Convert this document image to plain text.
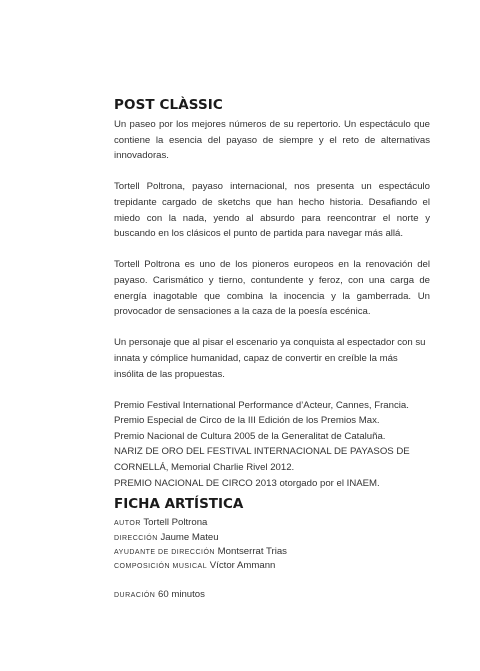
POST CLÀSSIC

Un paseo por los mejores números de su repertorio. Un espectáculo que contiene la esencia del payaso de siempre y el reto de alternativas innovadoras.

Tortell Poltrona, payaso internacional, nos presenta un espectáculo trepidante cargado de sketchs que han hecho historia. Desafiando el miedo con la nada, yendo al absurdo para reencontrar el norte y buscando en los clásicos el punto de partida para navegar más allá.

Tortell Poltrona es uno de los pioneros europeos en la renovación del payaso. Carismático y tierno, contundente y feroz, con una carga de energía inagotable que combina la inocencia y la gamberrada. Un provocador de sensaciones a la caza de la poesía escénica.

Un personaje que al pisar el escenario ya conquista al espectador con su innata y cómplice humanidad, capaz de convertir en creíble la más insólita de las propuestas.

Premio Festival International Performance d’Acteur, Cannes, Francia.

Premio Especial de Circo de la III Edición de los Premios Max.

Premio Nacional de Cultura 2005 de la Generalitat de Cataluña.

NARIZ DE ORO DEL FESTIVAL INTERNACIONAL DE PAYASOS DE CORNELLÁ, Memorial Charlie Rivel 2012.

PREMIO NACIONAL DE CIRCO 2013 otorgado por el INAEM.

FICHA ARTÍSTICA
AUTOR Tortell Poltrona
DIRECCIÓN Jaume Mateu
AYUDANTE DE DIRECCIÓN Montserrat Trias
COMPOSICIÓN MUSICAL Víctor Ammann
DURACIÓN 60 minutos
